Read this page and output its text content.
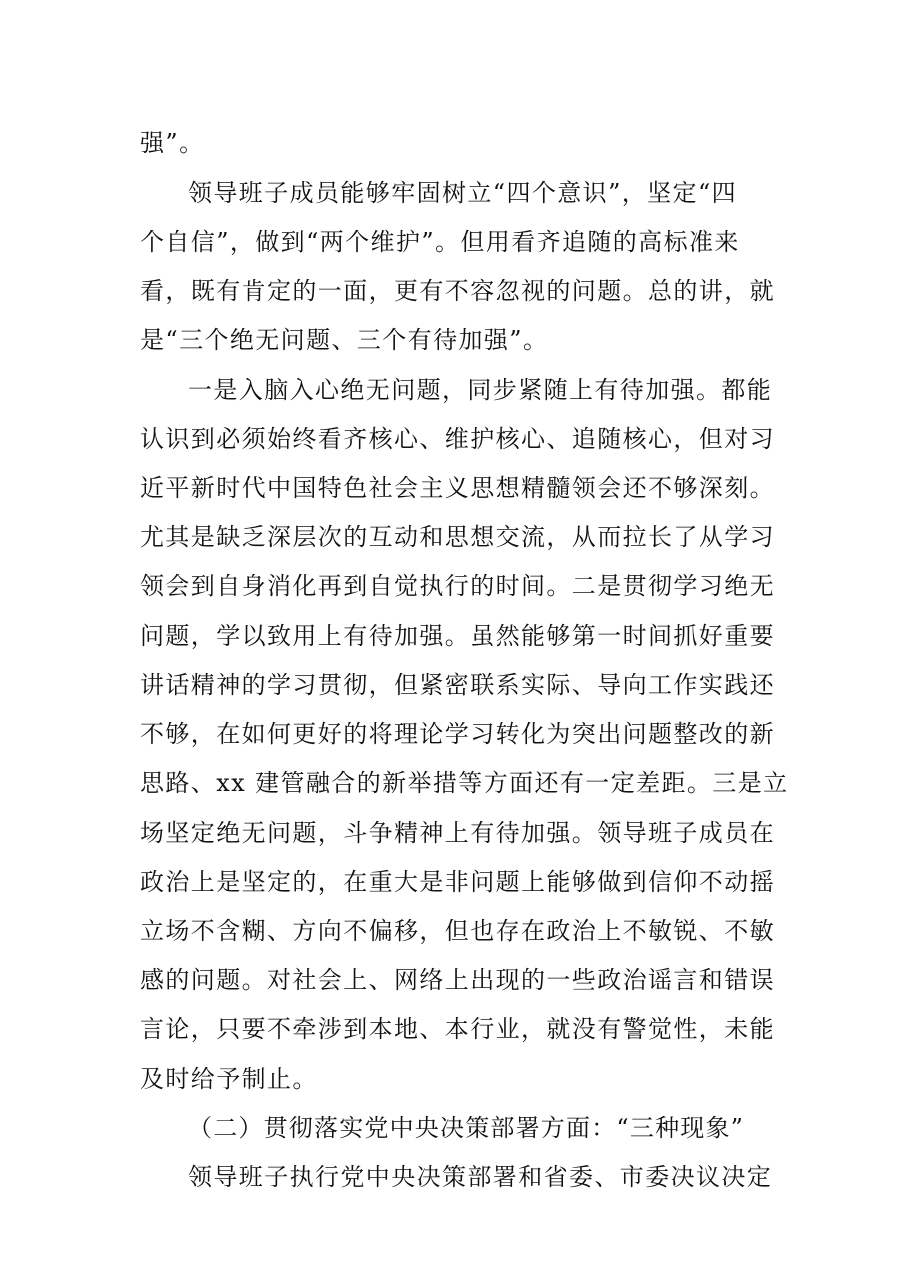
强”。
领导班子成员能够牢固树立“四个意识”，坚定“四
个自信”，做到“两个维护”。但用看齐追随的高标准来
看，既有肯定的一面，更有不容忽视的问题。总的讲，就
是“三个绝无问题、三个有待加强”。
一是入脑入心绝无问题，同步紧随上有待加强。都能
认识到必须始终看齐核心、维护核心、追随核心，但对习
近平新时代中国特色社会主义思想精髓领会还不够深刻。
尤其是缺乏深层次的互动和思想交流，从而拉长了从学习
领会到自身消化再到自觉执行的时间。二是贯彻学习绝无
问题，学以致用上有待加强。虽然能够第一时间抓好重要
讲话精神的学习贯彻，但紧密联系实际、导向工作实践还
不够，在如何更好的将理论学习转化为突出问题整改的新
思路、xx 建管融合的新举措等方面还有一定差距。三是立
场坚定绝无问题，斗争精神上有待加强。领导班子成员在
政治上是坚定的，在重大是非问题上能够做到信仰不动摇
立场不含糊、方向不偏移，但也存在政治上不敏锐、不敏
感的问题。对社会上、网络上出现的一些政治谣言和错误
言论，只要不牵涉到本地、本行业，就没有警觉性，未能
及时给予制止。
（二）贯彻落实党中央决策部署方面：“三种现象”
领导班子执行党中央决策部署和省委、市委决议决定
